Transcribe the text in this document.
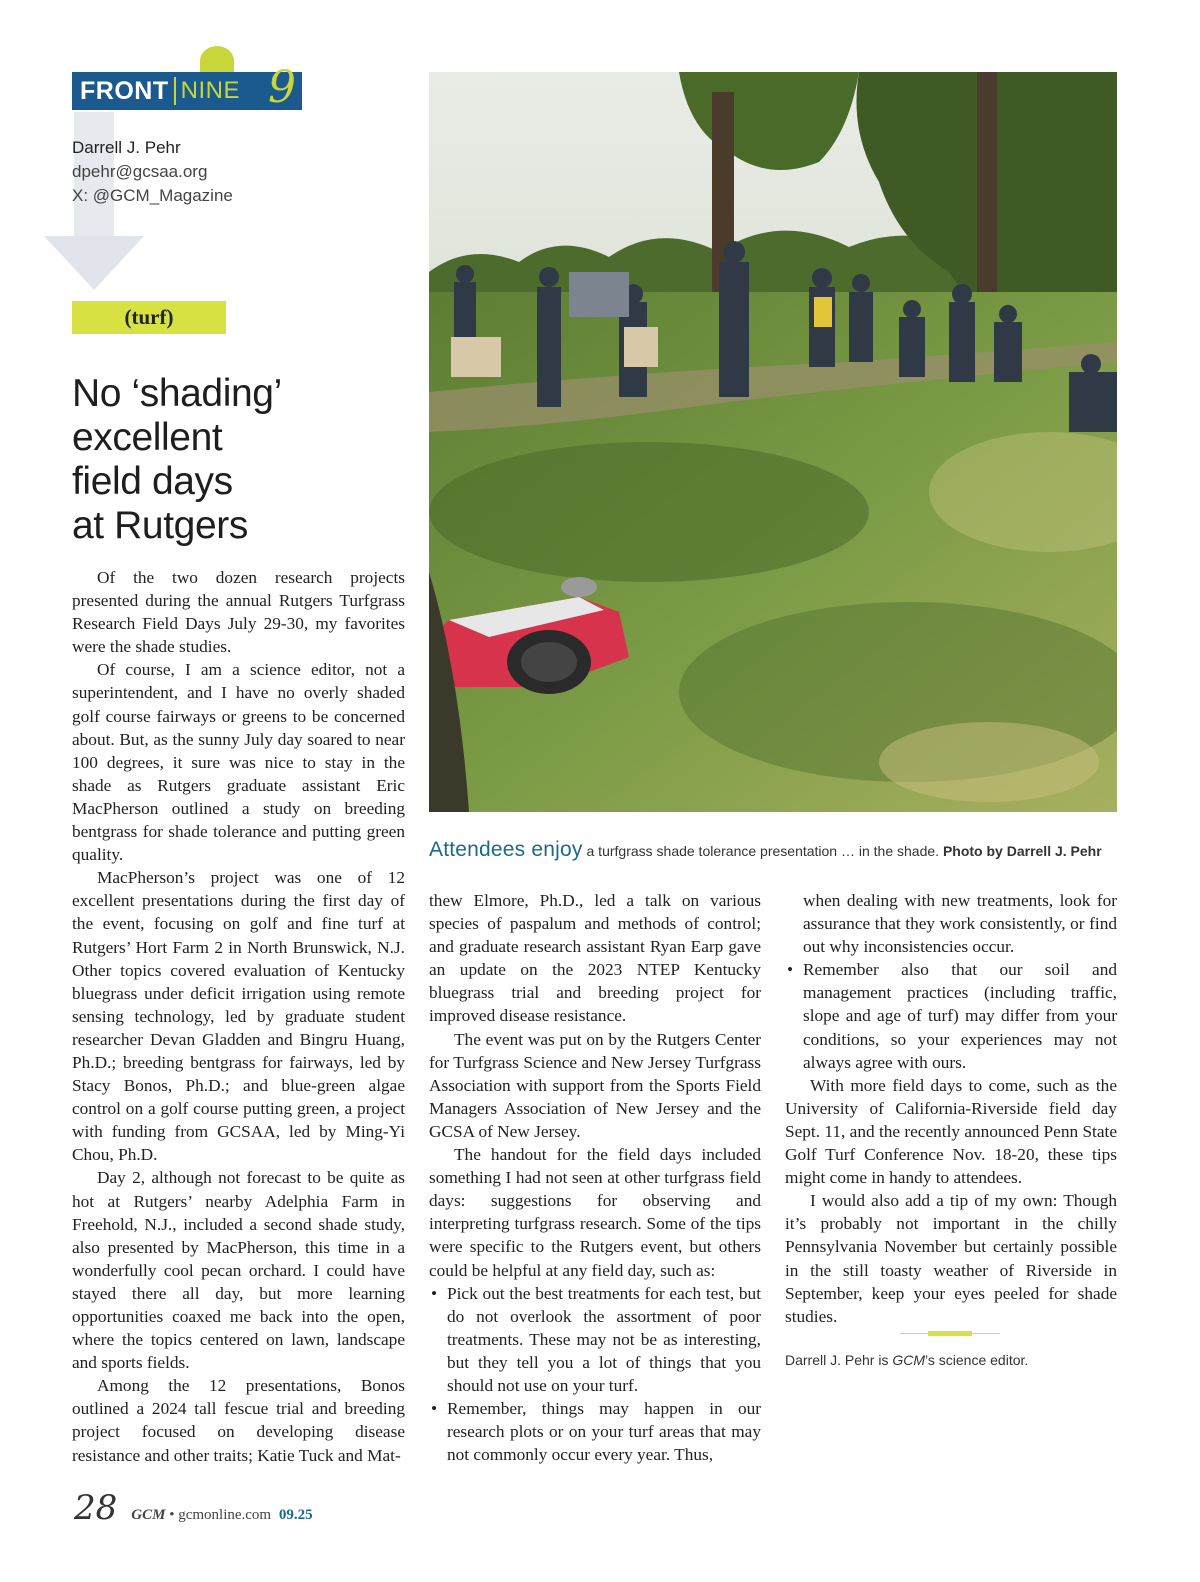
FRONT NINE 9
Darrell J. Pehr
dpehr@gcsaa.org
X: @GCM_Magazine
(turf)
No ‘shading’
excellent
field days
at Rutgers

Of the two dozen research projects presented during the annual Rutgers Turfgrass Research Field Days July 29-30, my favorites were the shade studies.

Of course, I am a science editor, not a superintendent, and I have no overly shaded golf course fairways or greens to be concerned about. But, as the sunny July day soared to near 100 degrees, it sure was nice to stay in the shade as Rutgers graduate assistant Eric MacPherson outlined a study on breeding bentgrass for shade tolerance and putting green quality.

MacPherson’s project was one of 12 excellent presentations during the first day of the event, focusing on golf and fine turf at Rutgers’ Hort Farm 2 in North Brunswick, N.J. Other topics covered evaluation of Kentucky bluegrass under deficit irrigation using remote sensing technology, led by graduate student researcher Devan Gladden and Bingru Huang, Ph.D.; breeding bentgrass for fairways, led by Stacy Bonos, Ph.D.; and blue-green algae control on a golf course putting green, a project with funding from GCSAA, led by Ming-Yi Chou, Ph.D.

Day 2, although not forecast to be quite as hot at Rutgers’ nearby Adelphia Farm in Freehold, N.J., included a second shade study, also presented by MacPherson, this time in a wonderfully cool pecan orchard. I could have stayed there all day, but more learning opportunities coaxed me back into the open, where the topics centered on lawn, landscape and sports fields.

Among the 12 presentations, Bonos outlined a 2024 tall fescue trial and breeding project focused on developing disease resistance and other traits; Katie Tuck and Mat-

Attendees enjoy a turfgrass shade tolerance presentation … in the shade. Photo by Darrell J. Pehr

thew Elmore, Ph.D., led a talk on various species of paspalum and methods of control; and graduate research assistant Ryan Earp gave an update on the 2023 NTEP Kentucky bluegrass trial and breeding project for improved disease resistance.

The event was put on by the Rutgers Center for Turfgrass Science and New Jersey Turfgrass Association with support from the Sports Field Managers Association of New Jersey and the GCSA of New Jersey.

The handout for the field days included something I had not seen at other turfgrass field days: suggestions for observing and interpreting turfgrass research. Some of the tips were specific to the Rutgers event, but others could be helpful at any field day, such as:

• Pick out the best treatments for each test, but do not overlook the assortment of poor treatments. These may not be as interesting, but they tell you a lot of things that you should not use on your turf.
• Remember, things may happen in our research plots or on your turf areas that may not commonly occur every year. Thus,

when dealing with new treatments, look for assurance that they work consistently, or find out why inconsistencies occur.

• Remember also that our soil and management practices (including traffic, slope and age of turf) may differ from your conditions, so your experiences may not always agree with ours.

With more field days to come, such as the University of California-Riverside field day Sept. 11, and the recently announced Penn State Golf Turf Conference Nov. 18-20, these tips might come in handy to attendees.

I would also add a tip of my own: Though it’s probably not important in the chilly Pennsylvania November but certainly possible in the still toasty weather of Riverside in September, keep your eyes peeled for shade studies.

Darrell J. Pehr is GCM’s science editor.
28 GCM • gcmonline.com 09.25
